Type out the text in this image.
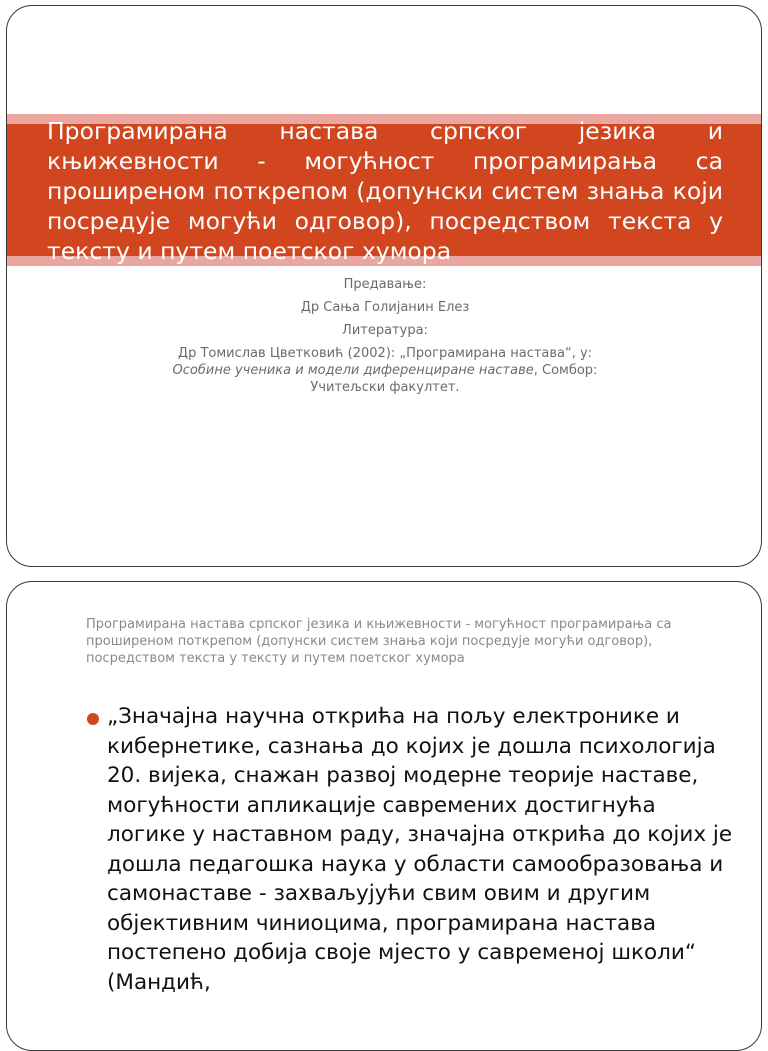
Програмирана настава српског језика и књижевности - могућност програмирања са проширеном поткрепом (допунски систем знања који посредује могући одговор), посредством текста у тексту и путем поетског хумора

Предавање:

Др Сања Голијанин Елез

Литература:

Др Томислав Цветковић (2002): „Програмирана настава“, у:

Особине ученика и модели диференциране наставе, Сомбор:

Учитељски факултет.

Програмирана настава српског језика и књижевности - могућност програмирања са проширеном поткрепом (допунски систем знања који посредује могући одговор), посредством текста у тексту и путем поетског хумора

„Значајна научна открића на пољу електронике и кибернетике, сазнања до којих је дошла психологија 20. вијека, снажан развој модерне теорије наставе, могућности апликације савремених достигнућа логике у наставном раду, значајна открића до којих је дошла педагошка наука у области самообразовања и самонаставе - захваљујући свим овим и другим објективним чиниоцима, програмирана настава постепено добија своје мјесто у савременој школи“ (Мандић,
